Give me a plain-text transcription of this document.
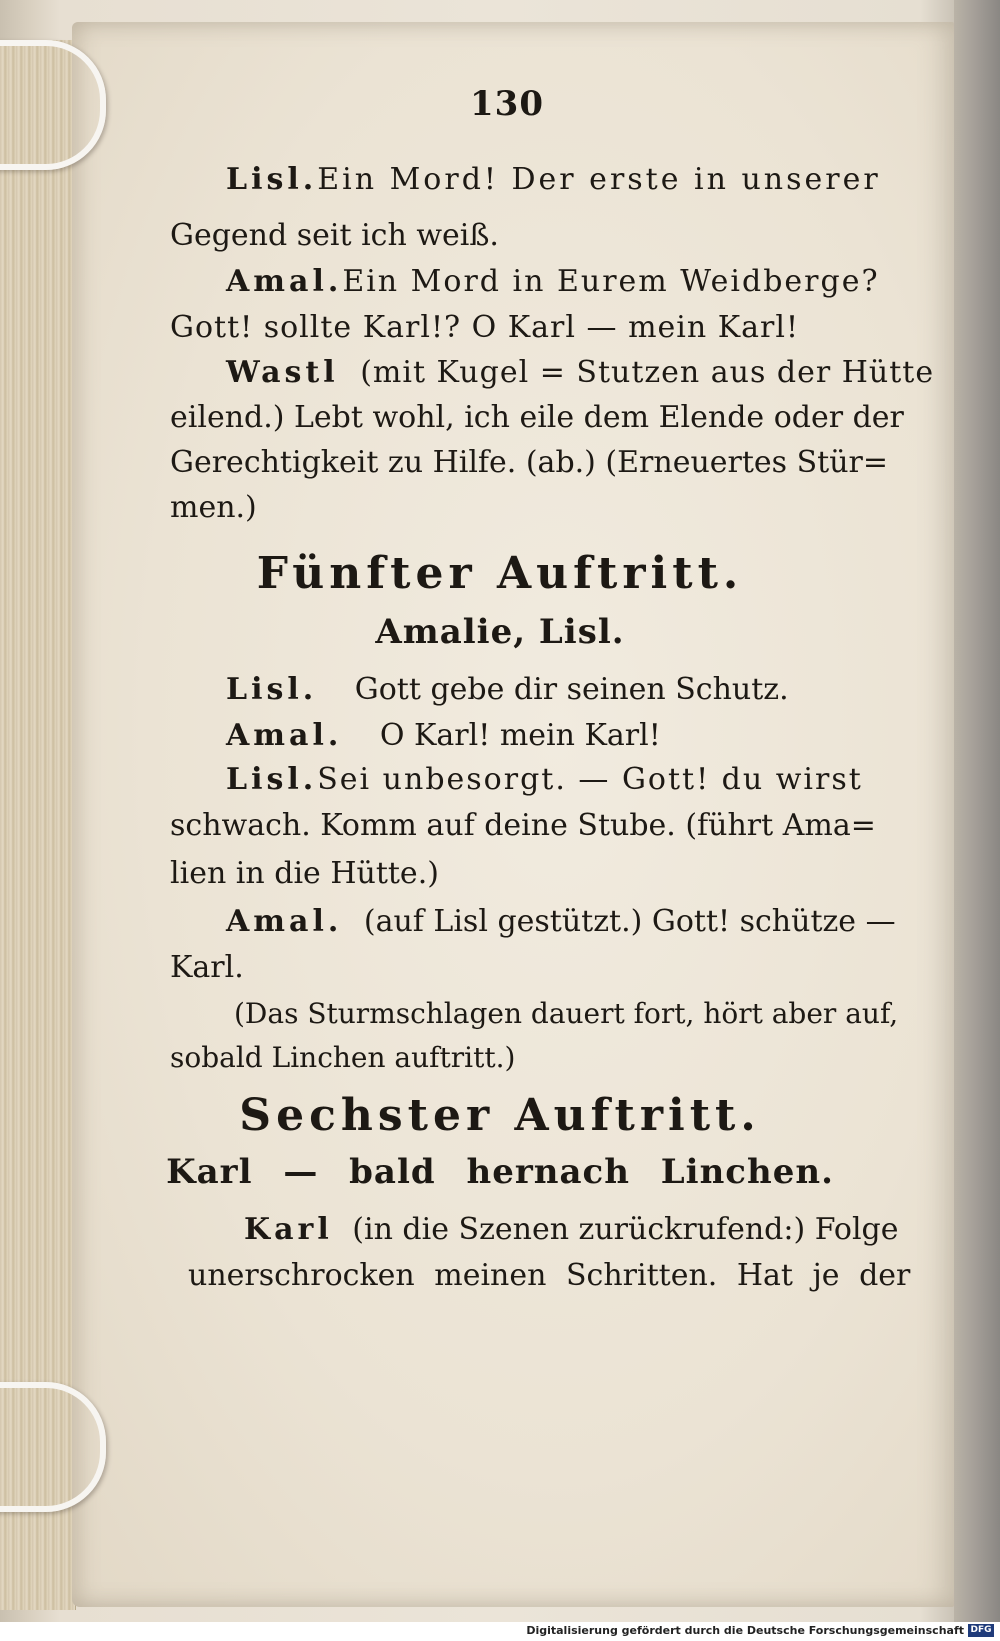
130
Lisl. Ein Mord! Der erste in unserer
Gegend seit ich weiß.
Amal. Ein Mord in Eurem Weidberge?
Gott! sollte Karl!? O Karl — mein Karl!
Wastl (mit Kugel = Stutzen aus der Hütte
eilend.) Lebt wohl, ich eile dem Elende oder der
Gerechtigkeit zu Hilfe. (ab.) (Erneuertes Stür=
men.)
Fünfter Auftritt.
Amalie, Lisl.
Lisl. Gott gebe dir seinen Schutz.
Amal. O Karl! mein Karl!
Lisl. Sei unbesorgt. — Gott! du wirst
schwach. Komm auf deine Stube. (führt Ama=
lien in die Hütte.)
Amal. (auf Lisl gestützt.) Gott! schütze —
Karl.
(Das Sturmschlagen dauert fort, hört aber auf,
sobald Linchen auftritt.)
Sechster Auftritt.
Karl — bald hernach Linchen.
Karl (in die Szenen zurückrufend:) Folge
unerschrocken meinen Schritten. Hat je der
Digitalisierung gefördert durch die Deutsche Forschungsgemeinschaft DFG
